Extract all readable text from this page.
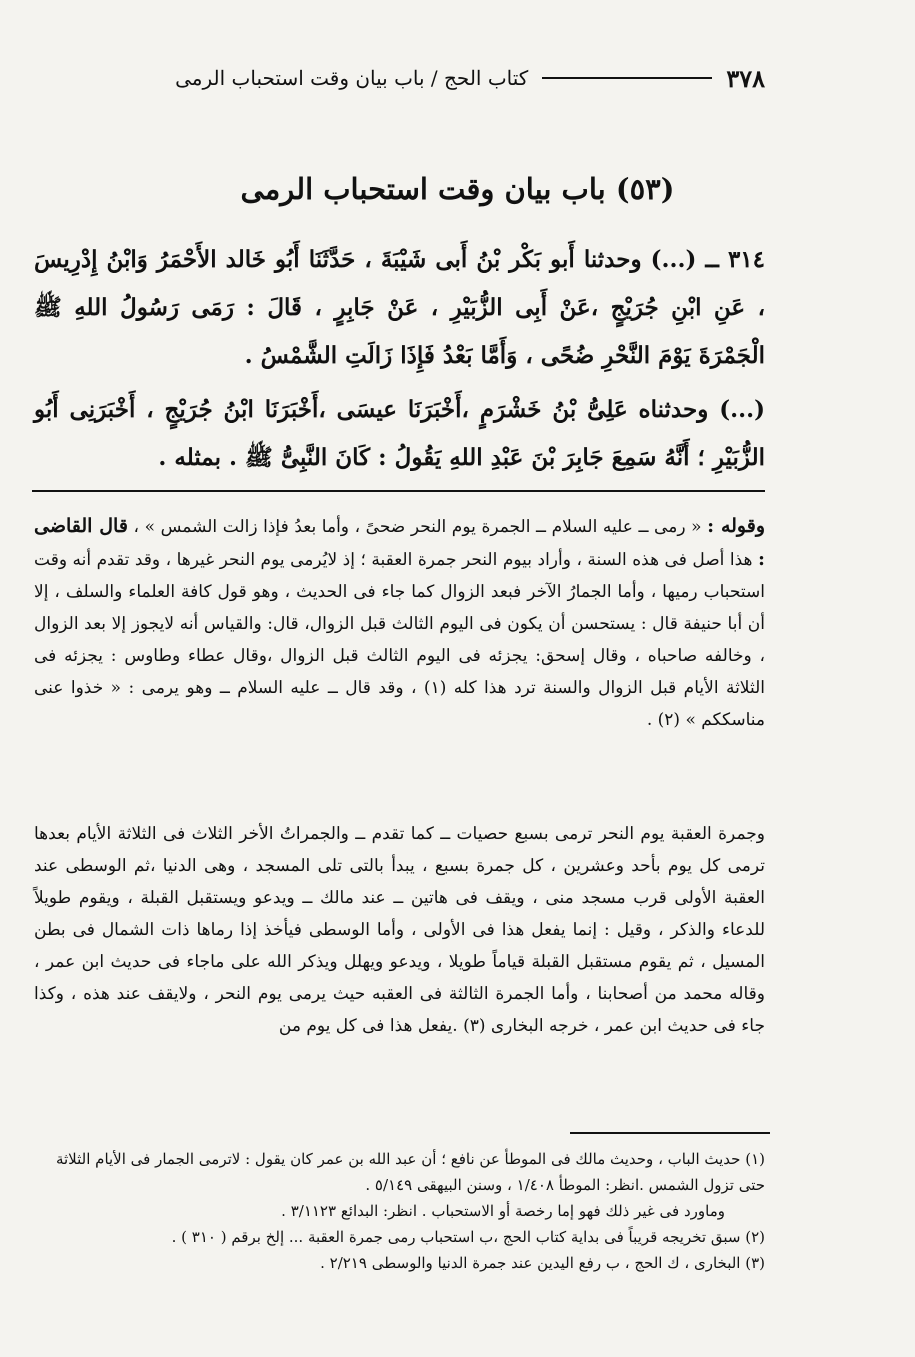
٣٧٨
كتاب الحج / باب بيان وقت استحباب الرمى
(٥٣) باب بيان وقت استحباب الرمى
٣١٤ ــ (...) وحدثنا أَبو بَكْر بْنُ أَبى شَيْبَةَ ، حَدَّثَنَا أَبُو خَالد الأَحْمَرُ وَابْنُ إِدْرِيسَ ، عَنِ ابْنِ جُرَيْجٍ ،عَنْ أَبِى الزُّبَيْرِ ، عَنْ جَابِرٍ ، قَالَ : رَمَى رَسُولُ اللهِ ﷺ الْجَمْرَةَ يَوْمَ النَّحْرِ ضُحًى ، وَأَمَّا بَعْدُ فَإِذَا زَالَتِ الشَّمْسُ .
(...) وحدثناه عَلِىُّ بْنُ خَشْرَمٍ ،أَخْبَرَنَا عيسَى ،أَخْبَرَنَا ابْنُ جُرَيْجٍ ، أَخْبَرَنِى أَبُو الزُّبَيْرِ ؛ أَنَّهُ سَمِعَ جَابِرَ بْنَ عَبْدِ اللهِ يَقُولُ : كَانَ النَّبِىُّ ﷺ . بمثله .
وقوله : « رمى ــ عليه السلام ــ الجمرة يوم النحر ضحىً ، وأما بعدُ فإذا زالت الشمس » ، قال القاضى : هذا أصل فى هذه السنة ، وأراد بيوم النحر جمرة العقبة ؛ إذ لايُرمى يوم النحر غيرها ، وقد تقدم أنه وقت استحباب رميها ، وأما الجمارُ الآخر فبعد الزوال كما جاء فى الحديث ، وهو قول كافة العلماء والسلف ، إلا أن أبا حنيفة قال : يستحسن أن يكون فى اليوم الثالث قبل الزوال، قال: والقياس أنه لايجوز إلا بعد الزوال ، وخالفه صاحباه ، وقال إسحق: يجزئه فى اليوم الثالث قبل الزوال ،وقال عطاء وطاوس : يجزئه فى الثلاثة الأيام قبل الزوال والسنة ترد هذا كله (١) ، وقد قال ــ عليه السلام ــ وهو يرمى : « خذوا عنى مناسككم » (٢) .
وجمرة العقبة يوم النحر ترمى بسبع حصيات ــ كما تقدم ــ والجمراتُ الأخر الثلاث فى الثلاثة الأيام بعدها ترمى كل يوم بأحد وعشرين ، كل جمرة بسبع ، يبدأ بالتى تلى المسجد ، وهى الدنيا ،ثم الوسطى عند العقبة الأولى قرب مسجد منى ، ويقف فى هاتين ــ عند مالك ــ ويدعو ويستقبل القبلة ، ويقوم طويلاً للدعاء والذكر ، وقيل : إنما يفعل هذا فى الأولى ، وأما الوسطى فيأخذ إذا رماها ذات الشمال فى بطن المسيل ، ثم يقوم مستقبل القبلة قياماً طويلا ، ويدعو ويهلل ويذكر الله على ماجاء فى حديث ابن عمر ، وقاله محمد من أصحابنا ، وأما الجمرة الثالثة فى العقبه حيث يرمى يوم النحر ، ولايقف عند هذه ، وكذا جاء فى حديث ابن عمر ، خرجه البخارى (٣) .يفعل هذا فى كل يوم من

(١) حديث الباب ، وحديث مالك فى الموطأ عن نافع ؛ أن عبد الله بن عمر كان يقول : لاترمى الجمار فى الأيام الثلاثة حتى تزول الشمس .انظر: الموطأ ١/٤٠٨ ، وسنن البيهقى ٥/١٤٩ .

وماورد فى غير ذلك فهو إما رخصة أو الاستحباب . انظر: البدائع ٣/١١٢٣ .

(٢) سبق تخريجه قريباً فى بداية كتاب الحج ،ب استحباب رمى جمرة العقبة ... إلخ برقم ( ٣١٠ ) .

(٣) البخارى ، ك الحج ، ب رفع اليدين عند جمرة الدنيا والوسطى ٢/٢١٩ .
